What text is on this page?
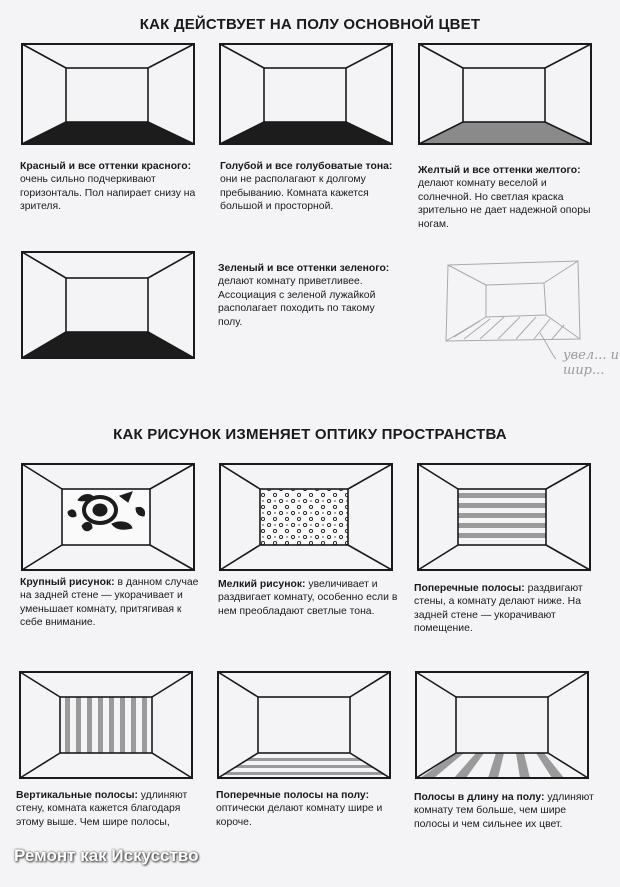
КАК ДЕЙСТВУЕТ НА ПОЛУ ОСНОВНОЙ ЦВЕТ
Красный и все оттенки красного: очень сильно подчеркивают горизонталь. Пол напирает снизу на зрителя.
Голубой и все голубоватые тона: они не располагают к долгому пребыванию. Комната кажется большой и просторной.
Желтый и все оттенки желтого: делают комнату веселой и солнечной. Но светлая краска зрительно не дает надежной опоры ногам.
Зеленый и все оттенки зеленого: делают комнату приветливее. Ассоциация с зеленой лужайкой располагает походить по такому полу.
увел... и шир...
КАК РИСУНОК ИЗМЕНЯЕТ ОПТИКУ ПРОСТРАНСТВА
Крупный рисунок: в данном случае на задней стене — укорачивает и уменьшает комнату, притягивая к себе внимание.
Мелкий рисунок: увеличивает и раздвигает комнату, особенно если в нем преобладают светлые тона.
Поперечные полосы: раздвигают стены, а комнату делают ниже. На задней стене — укорачивают помещение.
Вертикальные полосы: удлиняют стену, комната кажется благодаря этому выше. Чем шире полосы,
Поперечные полосы на полу: оптически делают комнату шире и короче.
Полосы в длину на полу: удлиняют комнату тем больше, чем шире полосы и чем сильнее их цвет.
Ремонт как Искусство
